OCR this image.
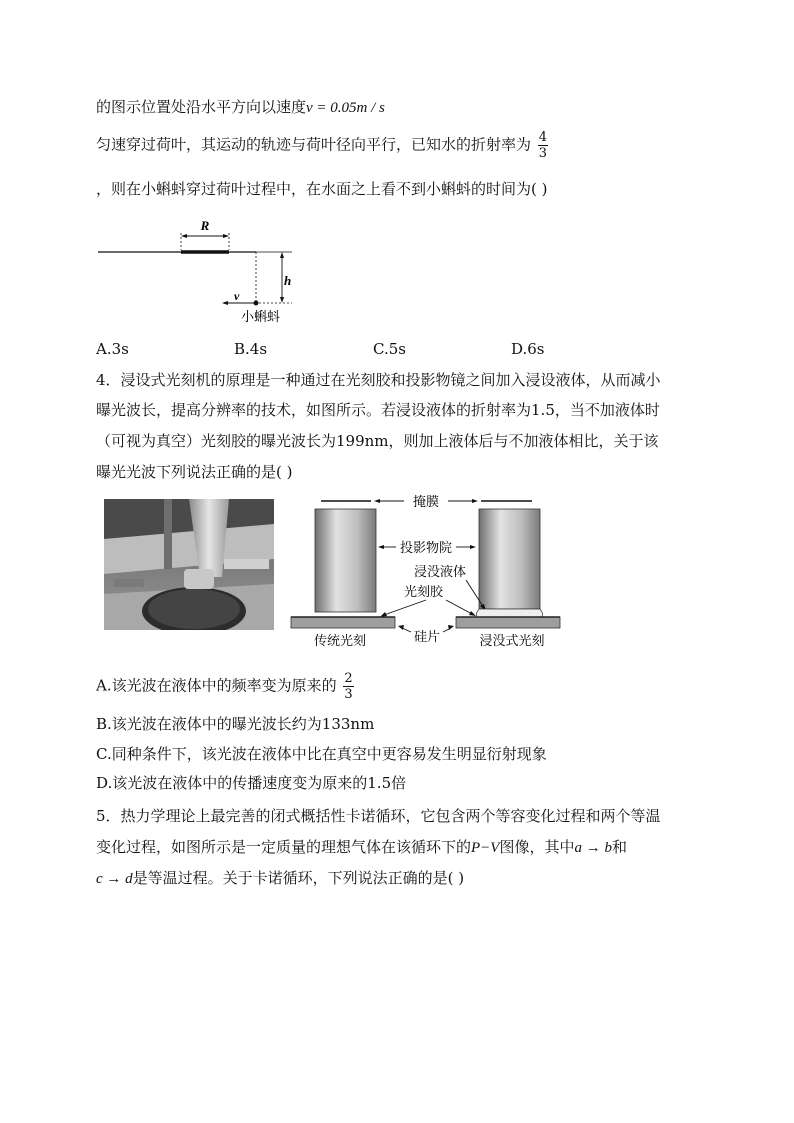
的图示位置处沿水平方向以速度v = 0.05m / s
匀速穿过荷叶，其运动的轨迹与荷叶径向平行，已知水的折射率为 $\frac{4}{3}$
，则在小蝌蚪穿过荷叶过程中，在水面之上看不到小蝌蚪的时间为( )
R
h
v
小蝌蚪
A.3s	B.4s	C.5s	D.6s
4．浸设式光刻机的原理是一种通过在光刻胶和投影物镜之间加入浸设液体，从而减小
曝光波长，提高分辨率的技术，如图所示。若浸设液体的折射率为1.5，当不加液体时
（可视为真空）光刻胶的曝光波长为199nm，则加上液体后与不加液体相比，关于该
曝光光波下列说法正确的是( )
掩膜
投影物院
浸没液体
光刻胶
硅片
传统光刻	浸没式光刻
A.该光波在液体中的频率变为原来的 $\frac{2}{3}$
B.该光波在液体中的曝光波长约为133nm
C.同种条件下，该光波在液体中比在真空中更容易发生明显衍射现象
D.该光波在液体中的传播速度变为原来的1.5倍
5．热力学理论上最完善的闭式概括性卡诺循环，它包含两个等容变化过程和两个等温
变化过程，如图所示是一定质量的理想气体在该循环下的P−V图像，其中a → b和
c → d是等温过程。关于卡诺循环，下列说法正确的是( )
